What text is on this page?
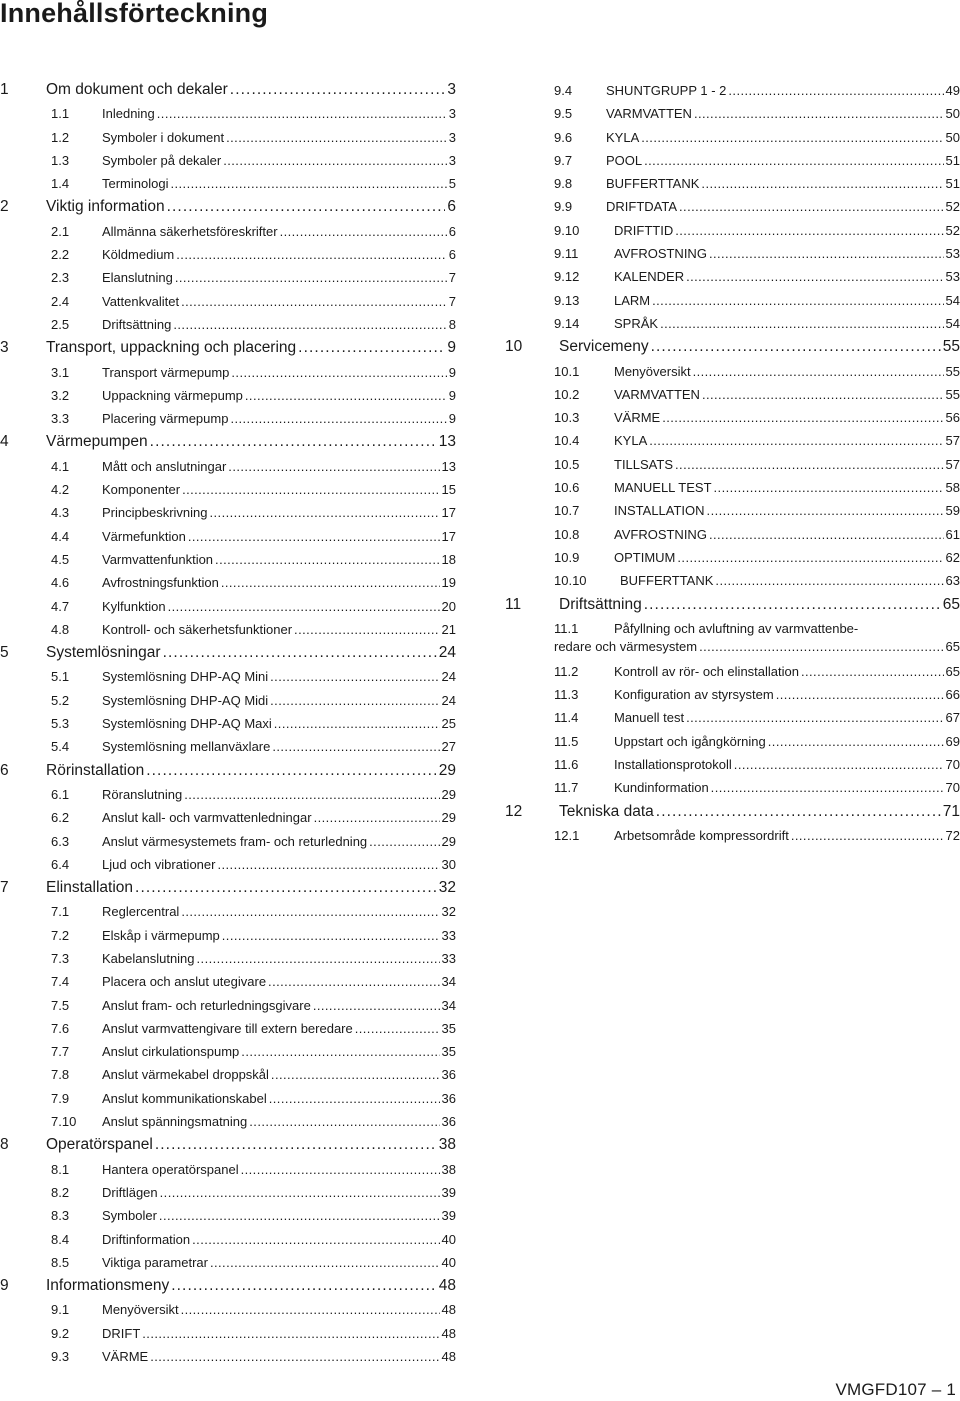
Innehållsförteckning
1	Om dokument och dekaler . . .	3
1.1	Inledning . . .	3
1.2	Symboler i dokument . . .	3
1.3	Symboler på dekaler . . .	3
1.4	Terminologi . . .	5
2	Viktig information . . .	6
2.1	Allmänna säkerhetsföreskrifter . . .	6
2.2	Köldmedium . . .	6
2.3	Elanslutning . . .	7
2.4	Vattenkvalitet . . .	7
2.5	Driftsättning . . .	8
3	Transport, uppackning och placering . . .	9
3.1	Transport värmepump . . .	9
3.2	Uppackning värmepump . . .	9
3.3	Placering värmepump . . .	9
4	Värmepumpen . . .	13
4.1	Mått och anslutningar . . .	13
4.2	Komponenter . . .	15
4.3	Principbeskrivning . . .	17
4.4	Värmefunktion . . .	17
4.5	Varmvattenfunktion . . .	18
4.6	Avfrostningsfunktion . . .	19
4.7	Kylfunktion . . .	20
4.8	Kontroll- och säkerhetsfunktioner . . .	21
5	Systemlösningar . . .	24
5.1	Systemlösning DHP-AQ Mini . . .	24
5.2	Systemlösning DHP-AQ Midi . . .	24
5.3	Systemlösning DHP-AQ Maxi . . .	25
5.4	Systemlösning mellanväxlare . . .	27
6	Rörinstallation . . .	29
6.1	Röranslutning . . .	29
6.2	Anslut kall- och varmvattenledningar . . .	29
6.3	Anslut värmesystemets fram- och returledning . . .	29
6.4	Ljud och vibrationer . . .	30
7	Elinstallation . . .	32
7.1	Reglercentral . . .	32
7.2	Elskåp i värmepump . . .	33
7.3	Kabelanslutning . . .	33
7.4	Placera och anslut utegivare . . .	34
7.5	Anslut fram- och returledningsgivare . . .	34
7.6	Anslut varmvattengivare till extern beredare . . .	35
7.7	Anslut cirkulationspump . . .	35
7.8	Anslut värmekabel droppskål . . .	36
7.9	Anslut kommunikationskabel . . .	36
7.10	Anslut spänningsmatning . . .	36
8	Operatörspanel . . .	38
8.1	Hantera operatörspanel . . .	38
8.2	Driftlägen . . .	39
8.3	Symboler . . .	39
8.4	Driftinformation . . .	40
8.5	Viktiga parametrar . . .	40
9	Informationsmeny . . .	48
9.1	Menyöversikt . . .	48
9.2	DRIFT . . .	48
9.3	VÄRME . . .	48
9.4	SHUNTGRUPP 1 - 2 . . .	49
9.5	VARMVATTEN . . .	50
9.6	KYLA . . .	50
9.7	POOL . . .	51
9.8	BUFFERTTANK . . .	51
9.9	DRIFTDATA . . .	52
9.10	DRIFTTID . . .	52
9.11	AVFROSTNING . . .	53
9.12	KALENDER . . .	53
9.13	LARM . . .	54
9.14	SPRÅK . . .	54
10	Servicemeny . . .	55
10.1	Menyöversikt . . .	55
10.2	VARMVATTEN . . .	55
10.3	VÄRME . . .	56
10.4	KYLA . . .	57
10.5	TILLSATS . . .	57
10.6	MANUELL TEST . . .	58
10.7	INSTALLATION . . .	59
10.8	AVFROSTNING . . .	61
10.9	OPTIMUM . . .	62
10.10	BUFFERTTANK . . .	63
11	Driftsättning . . .	65
11.1	Påfyllning och avluftning av varmvattenbe-
redare och värmesystem . . .	65
11.2	Kontroll av rör- och elinstallation . . .	65
11.3	Konfiguration av styrsystem . . .	66
11.4	Manuell test . . .	67
11.5	Uppstart och igångkörning . . .	69
11.6	Installationsprotokoll . . .	70
11.7	Kundinformation . . .	70
12	Tekniska data . . .	71
12.1	Arbetsområde kompressordrift . . .	72
VMGFD107 – 1
